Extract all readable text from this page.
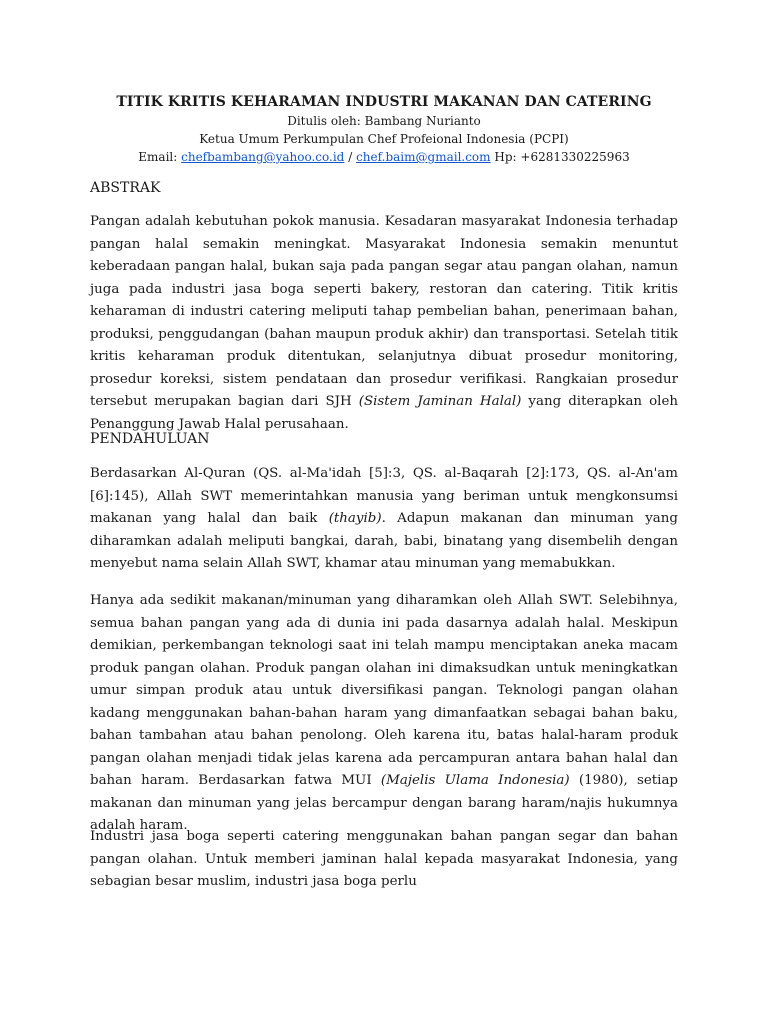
TITIK KRITIS KEHARAMAN INDUSTRI MAKANAN DAN CATERING
Ditulis oleh: Bambang Nurianto
Ketua Umum Perkumpulan Chef Profeional Indonesia (PCPI)
Email: chefbambang@yahoo.co.id / chef.baim@gmail.com Hp: +6281330225963
ABSTRAK

Pangan adalah kebutuhan pokok manusia. Kesadaran masyarakat Indonesia terhadap pangan halal semakin meningkat. Masyarakat Indonesia semakin menuntut keberadaan pangan halal, bukan saja pada pangan segar atau pangan olahan, namun juga pada industri jasa boga seperti bakery, restoran dan catering. Titik kritis keharaman di industri catering meliputi tahap pembelian bahan, penerimaan bahan, produksi, penggudangan (bahan maupun produk akhir) dan transportasi. Setelah titik kritis keharaman produk ditentukan, selanjutnya dibuat prosedur monitoring, prosedur koreksi, sistem pendataan dan prosedur verifikasi. Rangkaian prosedur tersebut merupakan bagian dari SJH (Sistem Jaminan Halal) yang diterapkan oleh Penanggung Jawab Halal perusahaan.

PENDAHULUAN

Berdasarkan Al-Quran (QS. al-Ma'idah [5]:3, QS. al-Baqarah [2]:173, QS. al-An'am [6]:145), Allah SWT memerintahkan manusia yang beriman untuk mengkonsumsi makanan yang halal dan baik (thayib). Adapun makanan dan minuman yang diharamkan adalah meliputi bangkai, darah, babi, binatang yang disembelih dengan menyebut nama selain Allah SWT, khamar atau minuman yang memabukkan.

Hanya ada sedikit makanan/minuman yang diharamkan oleh Allah SWT. Selebihnya, semua bahan pangan yang ada di dunia ini pada dasarnya adalah halal. Meskipun demikian, perkembangan teknologi saat ini telah mampu menciptakan aneka macam produk pangan olahan. Produk pangan olahan ini dimaksudkan untuk meningkatkan umur simpan produk atau untuk diversifikasi pangan. Teknologi pangan olahan kadang menggunakan bahan-bahan haram yang dimanfaatkan sebagai bahan baku, bahan tambahan atau bahan penolong. Oleh karena itu, batas halal-haram produk pangan olahan menjadi tidak jelas karena ada percampuran antara bahan halal dan bahan haram. Berdasarkan fatwa MUI (Majelis Ulama Indonesia) (1980), setiap makanan dan minuman yang jelas bercampur dengan barang haram/najis hukumnya adalah haram.

Industri jasa boga seperti catering menggunakan bahan pangan segar dan bahan pangan olahan. Untuk memberi jaminan halal kepada masyarakat Indonesia, yang sebagian besar muslim, industri jasa boga perlu
